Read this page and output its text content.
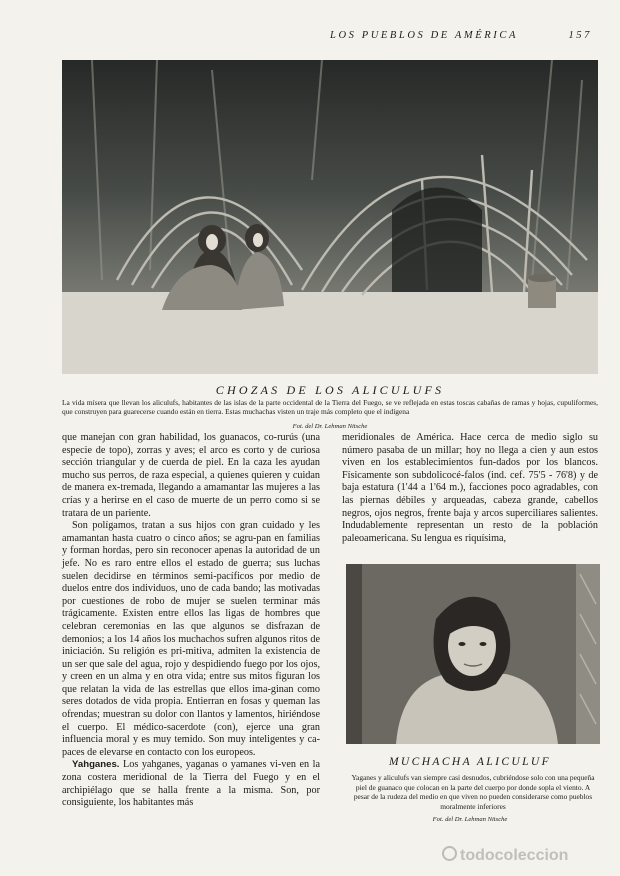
LOS PUEBLOS DE AMÉRICA	157
CHOZAS DE LOS ALICULUFS
La vida mísera que llevan los aliculufs, habitantes de las islas de la parte occidental de la Tierra del Fuego, se ve reflejada en estas toscas cabañas de ramas y hojas, cupuliformes, que construyen para guarecerse cuando están en tierra. Estas muchachas visten un traje más completo que el indígena
Fot. del Dr. Lehman Nitsche

que manejan con gran habilidad, los guanacos, co-rurús (una especie de topo), zorras y aves; el arco es corto y de curiosa sección triangular y de cuerda de piel. En la caza les ayudan mucho sus perros, de raza especial, a quienes quieren y cuidan de manera ex-tremada, llegando a amamantar las mujeres a las crías y a herirse en el caso de muerte de un perro como si se tratara de un pariente.

Son polígamos, tratan a sus hijos con gran cuidado y les amamantan hasta cuatro o cinco años; se agru-pan en familias y forman hordas, pero sin reconocer apenas la autoridad de un jefe. No es raro entre ellos el estado de guerra; sus luchas suelen decidirse en términos semi-pacíficos por medio de duelos entre dos individuos, uno de cada bando; las motivadas por cuestiones de robo de mujer se suelen terminar más trágicamente. Existen entre ellos las ligas de hombres que celebran ceremonias en las que algunos se disfrazan de demonios; a los 14 años los muchachos sufren algunos ritos de iniciación. Su religión es pri-mitiva, admiten la existencia de un ser que sale del agua, rojo y despidiendo fuego por los ojos, y creen en un alma y en otra vida; entre sus mitos figuran los que relatan la vida de las estrellas que ellos ima-ginan como seres dotados de vida propia. Entierran en fosas y queman las ofrendas; muestran su dolor con llantos y lamentos, hiriéndose el cuerpo. El médico-sacerdote (con), ejerce una gran influencia moral y es muy temido. Son muy inteligentes y ca-paces de elevarse en contacto con los europeos.

Yahganes. Los yahganes, yaganas o yamanes vi-ven en la zona costera meridional de la Tierra del Fuego y en el archipiélago que se halla frente a la misma. Son, por consiguiente, los habitantes más

meridionales de América. Hace cerca de medio siglo su número pasaba de un millar; hoy no llega a cien y aun estos viven en los establecimientos fun-dados por los blancos. Físicamente son subdolicocé-falos (ind. cef. 75'5 - 76'8) y de baja estatura (1'44 a 1'64 m.), facciones poco agradables, con las piernas débiles y arqueadas, cabeza grande, cabellos negros, ojos negros, frente baja y arcos superciliares salientes. Indudablemente representan un resto de la población paleoamericana. Su lengua es riquísima,

MUCHACHA ALICULUF
Yaganes y aliculufs van siempre casi desnudos, cubriéndose solo con una pequeña piel de guanaco que colocan en la parte del cuerpo por donde sopla el viento. A pesar de la rudeza del medio en que viven no pueden considerarse como pueblos moralmente inferiores
Fot. del Dr. Lehman Nitsche
todocoleccion
